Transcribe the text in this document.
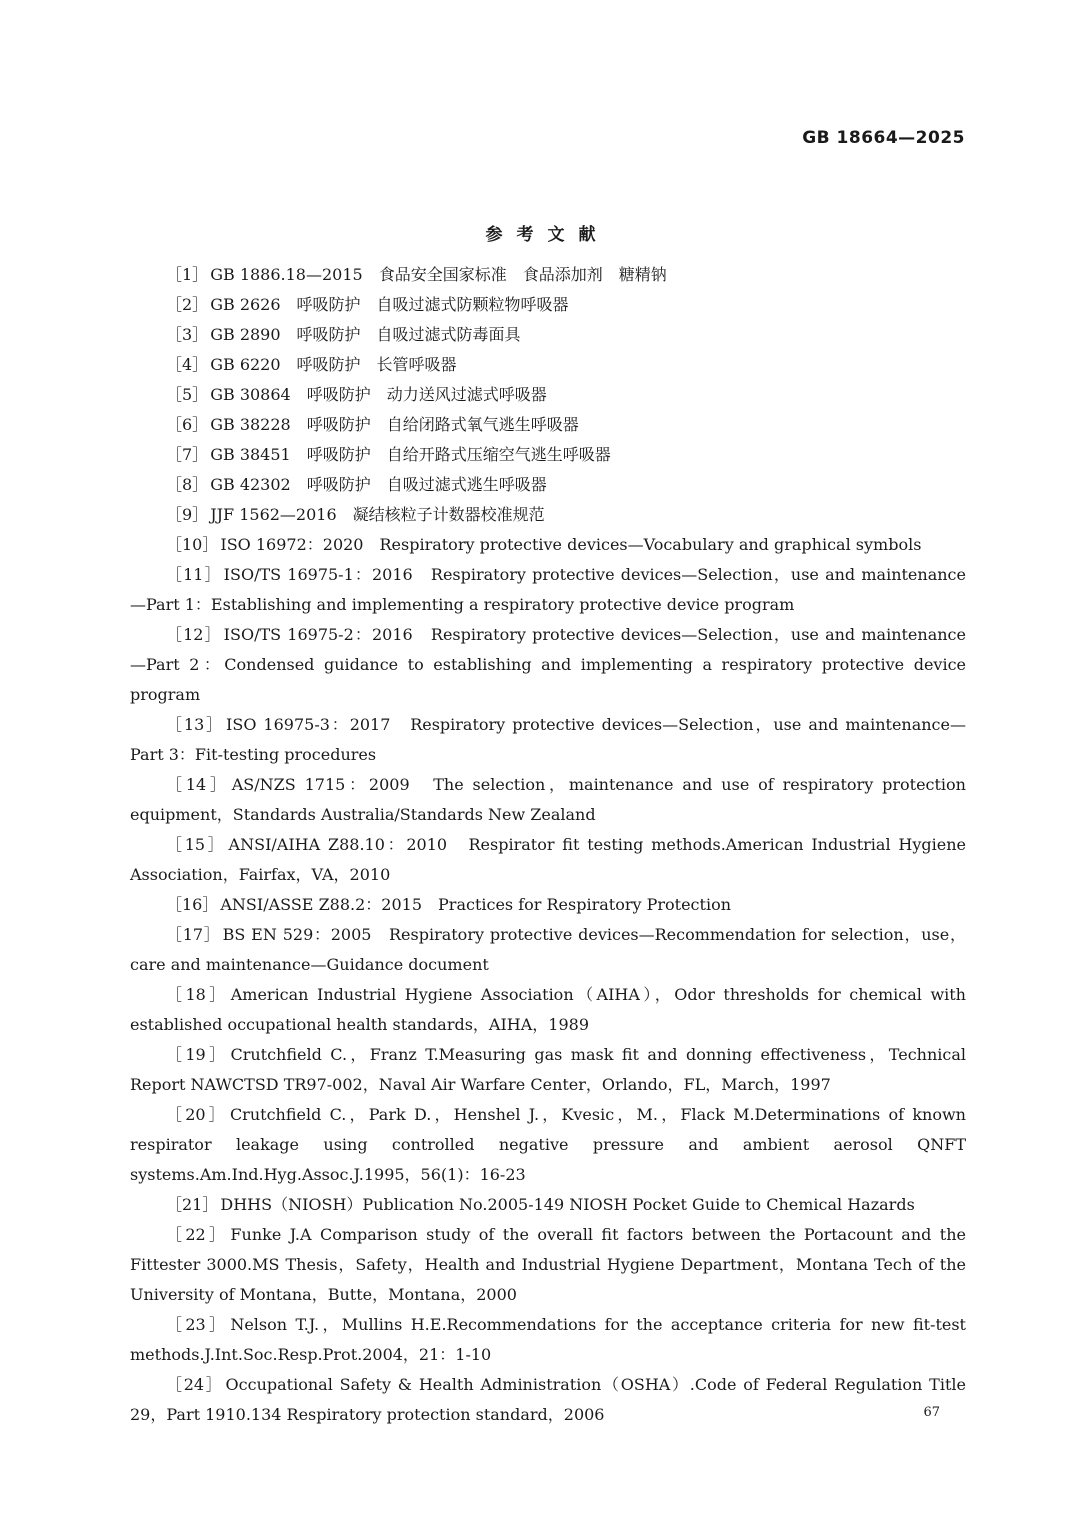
GB 18664—2025
参考文献
［1］ GB 1886.18—2015　食品安全国家标准　食品添加剂　糖精钠
［2］ GB 2626　呼吸防护　自吸过滤式防颗粒物呼吸器
［3］ GB 2890　呼吸防护　自吸过滤式防毒面具
［4］ GB 6220　呼吸防护　长管呼吸器
［5］ GB 30864　呼吸防护　动力送风过滤式呼吸器
［6］ GB 38228　呼吸防护　自给闭路式氧气逃生呼吸器
［7］ GB 38451　呼吸防护　自给开路式压缩空气逃生呼吸器
［8］ GB 42302　呼吸防护　自吸过滤式逃生呼吸器
［9］ JJF 1562—2016　凝结核粒子计数器校准规范
［10］ ISO 16972：2020　Respiratory protective devices—Vocabulary and graphical symbols
［11］ ISO/TS 16975-1：2016　Respiratory protective devices—Selection，use and maintenance—Part 1：Establishing and implementing a respiratory protective device program
［12］ ISO/TS 16975-2：2016　Respiratory protective devices—Selection，use and maintenance—Part 2：Condensed guidance to establishing and implementing a respiratory protective device program
［13］ ISO 16975-3：2017　Respiratory protective devices—Selection，use and maintenance—Part 3：Fit-testing procedures
［14］ AS/NZS 1715：2009　The selection，maintenance and use of respiratory protection equipment，Standards Australia/Standards New Zealand
［15］ ANSI/AIHA Z88.10：2010　Respirator fit testing methods.American Industrial Hygiene Association，Fairfax，VA，2010
［16］ ANSI/ASSE Z88.2：2015　Practices for Respiratory Protection
［17］ BS EN 529：2005　Respiratory protective devices—Recommendation for selection，use，care and maintenance—Guidance document
［18］ American Industrial Hygiene Association（AIHA），Odor thresholds for chemical with established occupational health standards，AIHA，1989
［19］ Crutchfield C.，Franz T.Measuring gas mask fit and donning effectiveness，Technical Report NAWCTSD TR97-002，Naval Air Warfare Center，Orlando，FL，March，1997
［20］ Crutchfield C.，Park D.，Henshel J.，Kvesic，M.，Flack M.Determinations of known respirator leakage using controlled negative pressure and ambient aerosol QNFT systems.Am.Ind.Hyg.Assoc.J.1995，56(1)：16-23
［21］ DHHS（NIOSH）Publication No.2005-149 NIOSH Pocket Guide to Chemical Hazards
［22］ Funke J.A Comparison study of the overall fit factors between the Portacount and the Fittester 3000.MS Thesis，Safety，Health and Industrial Hygiene Department，Montana Tech of the University of Montana，Butte，Montana，2000
［23］ Nelson T.J.，Mullins H.E.Recommendations for the acceptance criteria for new fit-test methods.J.Int.Soc.Resp.Prot.2004，21：1-10
［24］ Occupational Safety & Health Administration（OSHA）.Code of Federal Regulation Title 29，Part 1910.134 Respiratory protection standard，2006	67
